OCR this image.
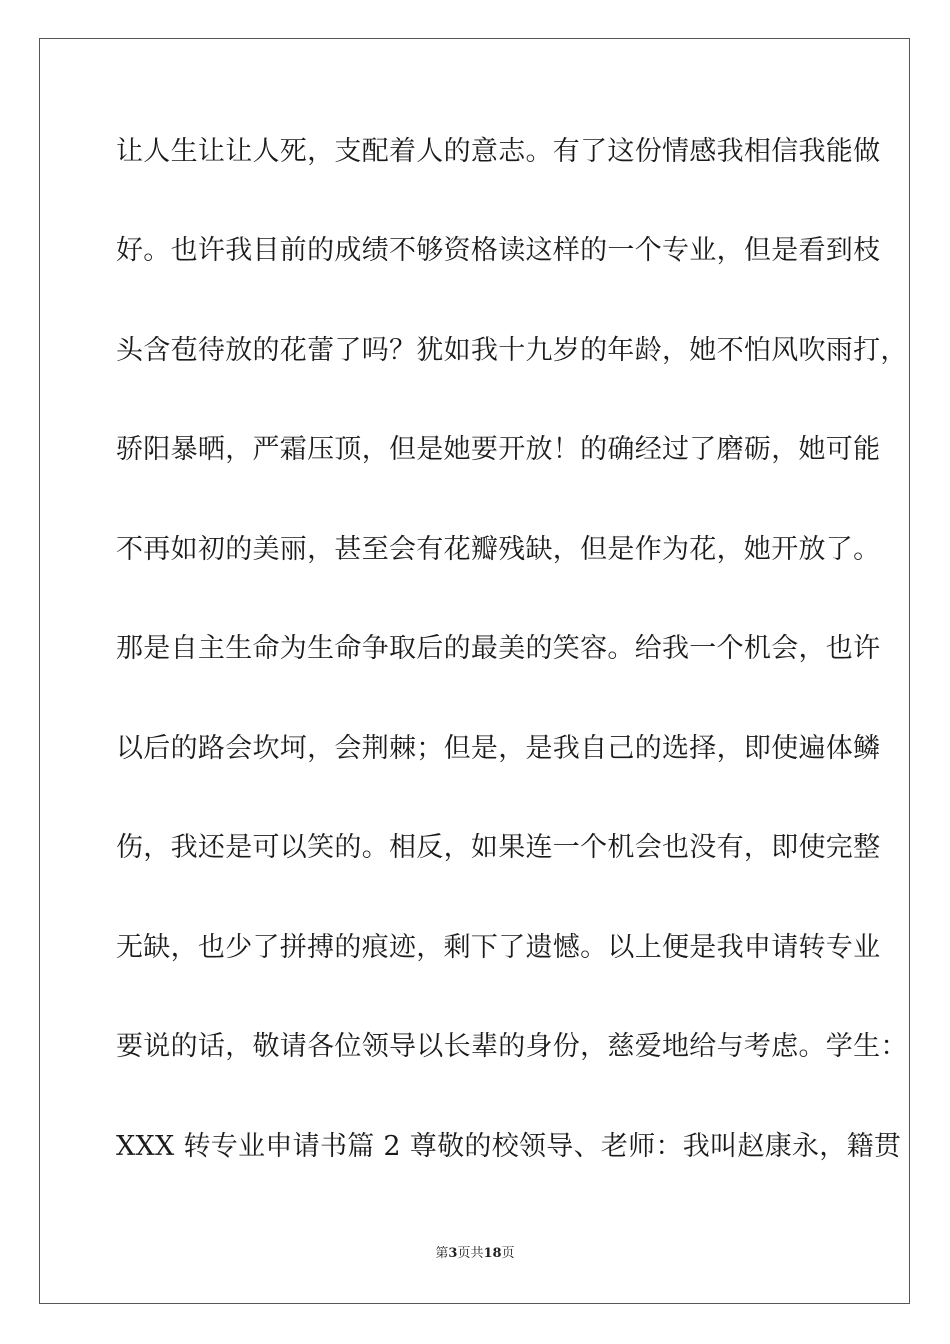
让人生让让人死，支配着人的意志。有了这份情感我相信我能做
好。也许我目前的成绩不够资格读这样的一个专业，但是看到枝
头含苞待放的花蕾了吗？犹如我十九岁的年龄，她不怕风吹雨打，
骄阳暴晒，严霜压顶，但是她要开放！的确经过了磨砺，她可能
不再如初的美丽，甚至会有花瓣残缺，但是作为花，她开放了。
那是自主生命为生命争取后的最美的笑容。给我一个机会，也许
以后的路会坎坷，会荆棘；但是，是我自己的选择，即使遍体鳞
伤，我还是可以笑的。相反，如果连一个机会也没有，即使完整
无缺，也少了拼搏的痕迹，剩下了遗憾。以上便是我申请转专业
要说的话，敬请各位领导以长辈的身份，慈爱地给与考虑。学生：
XXX 转专业申请书篇 2 尊敬的校领导、老师：我叫赵康永，籍贯
第3页共18页
